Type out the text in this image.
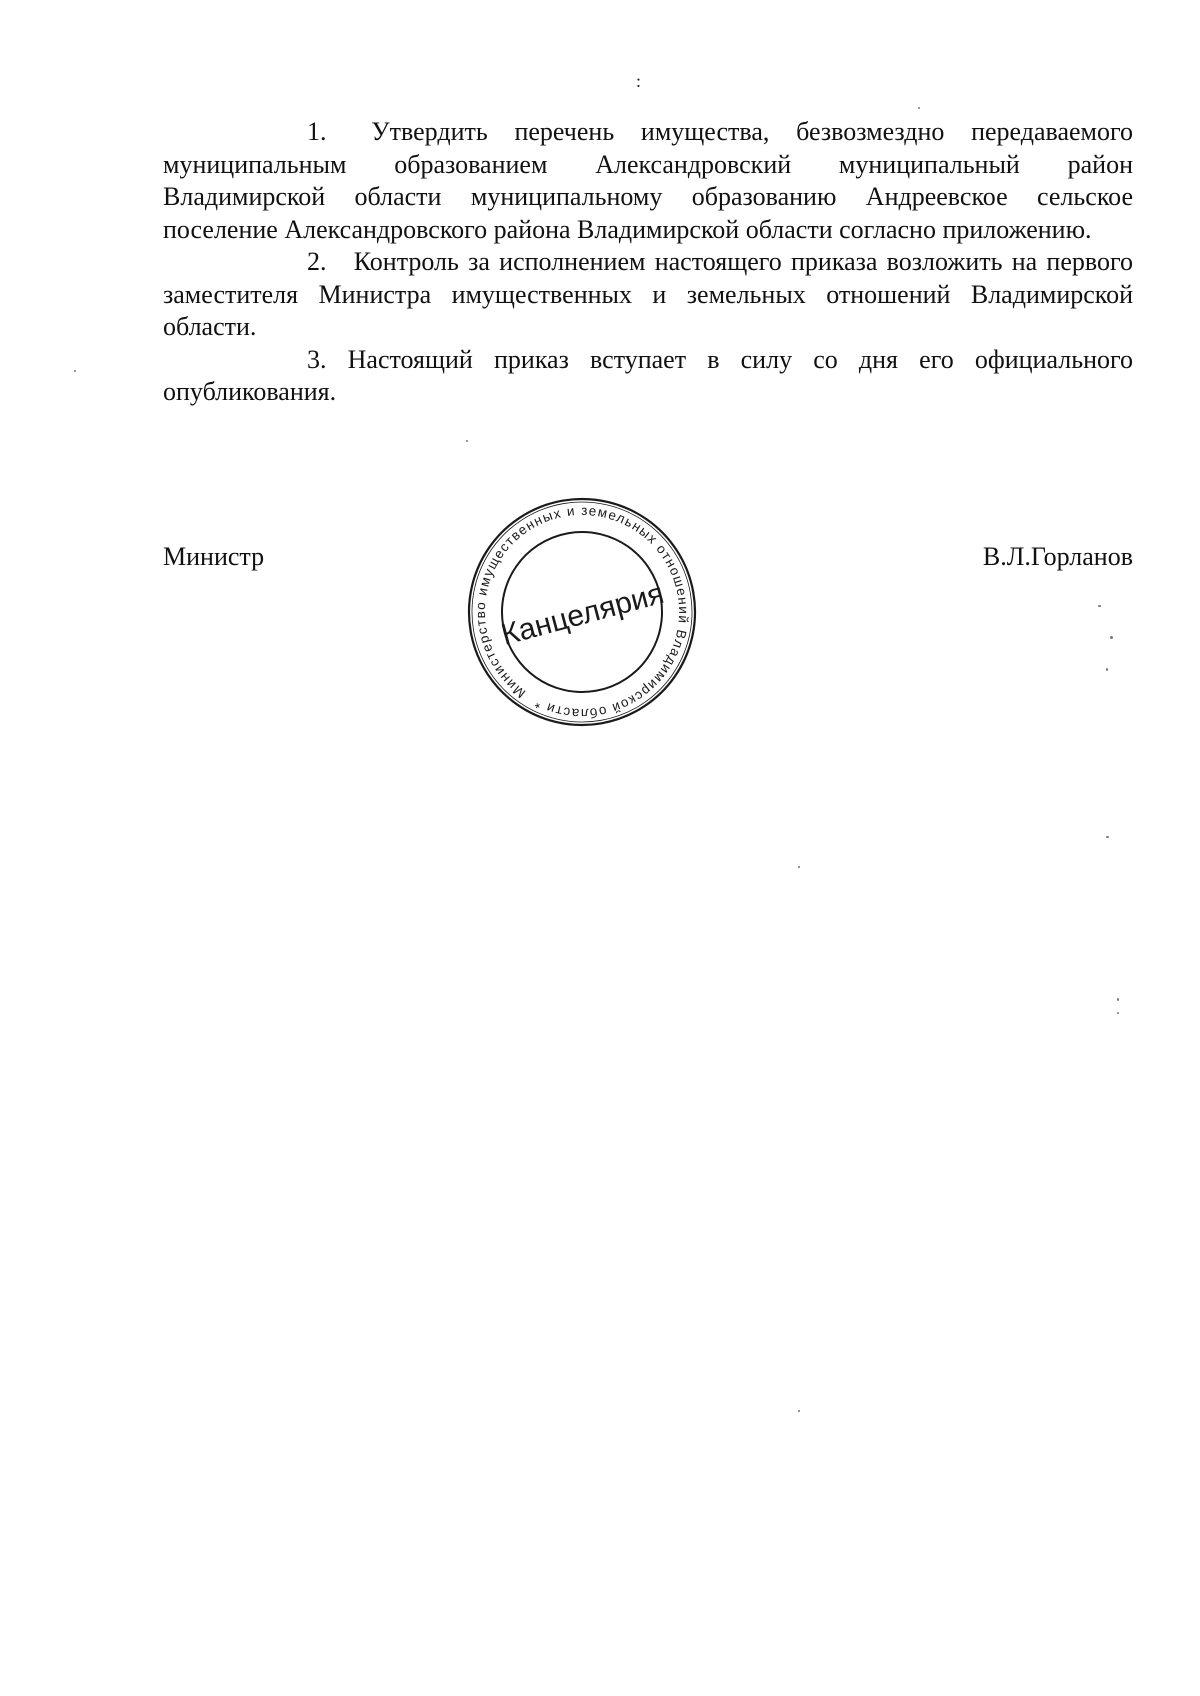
:

1. Утвердить перечень имущества, безвозмездно передаваемого муниципальным образованием Александровский муниципальный район Владимирской области муниципальному образованию Андреевское сельское поселение Александровского района Владимирской области согласно приложению.

2. Контроль за исполнением настоящего приказа возложить на первого заместителя Министра имущественных и земельных отношений Владимирской области.

3. Настоящий приказ вступает в силу со дня его официального опубликования.

Министр	В.Л.Горланов
Министерство имущественных и земельных отношений Владимирской области *
Канцелярия
